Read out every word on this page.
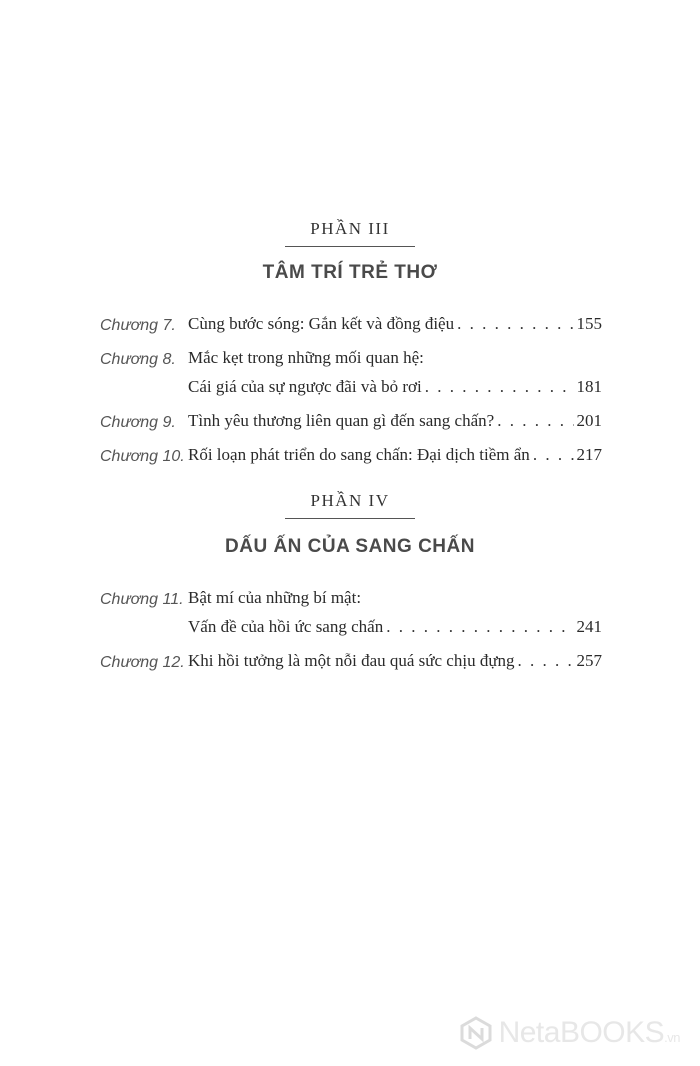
PHẦN III
TÂM TRÍ TRẺ THƠ
Chương 7. Cùng bước sóng: Gắn kết và đồng điệu . . .	155
Chương 8. Mắc kẹt trong những mối quan hệ:
Cái giá của sự ngược đãi và bỏ rơi . . .	181
Chương 9. Tình yêu thương liên quan gì đến sang chấn? . . .	201
Chương 10. Rối loạn phát triển do sang chấn: Đại dịch tiềm ẩn . . .	217
PHẦN IV
DẤU ẤN CỦA SANG CHẤN
Chương 11. Bật mí của những bí mật:
Vấn đề của hồi ức sang chấn . . .	241
Chương 12. Khi hồi tưởng là một nỗi đau quá sức chịu đựng . . .	257
NetaBOOKS.vn
